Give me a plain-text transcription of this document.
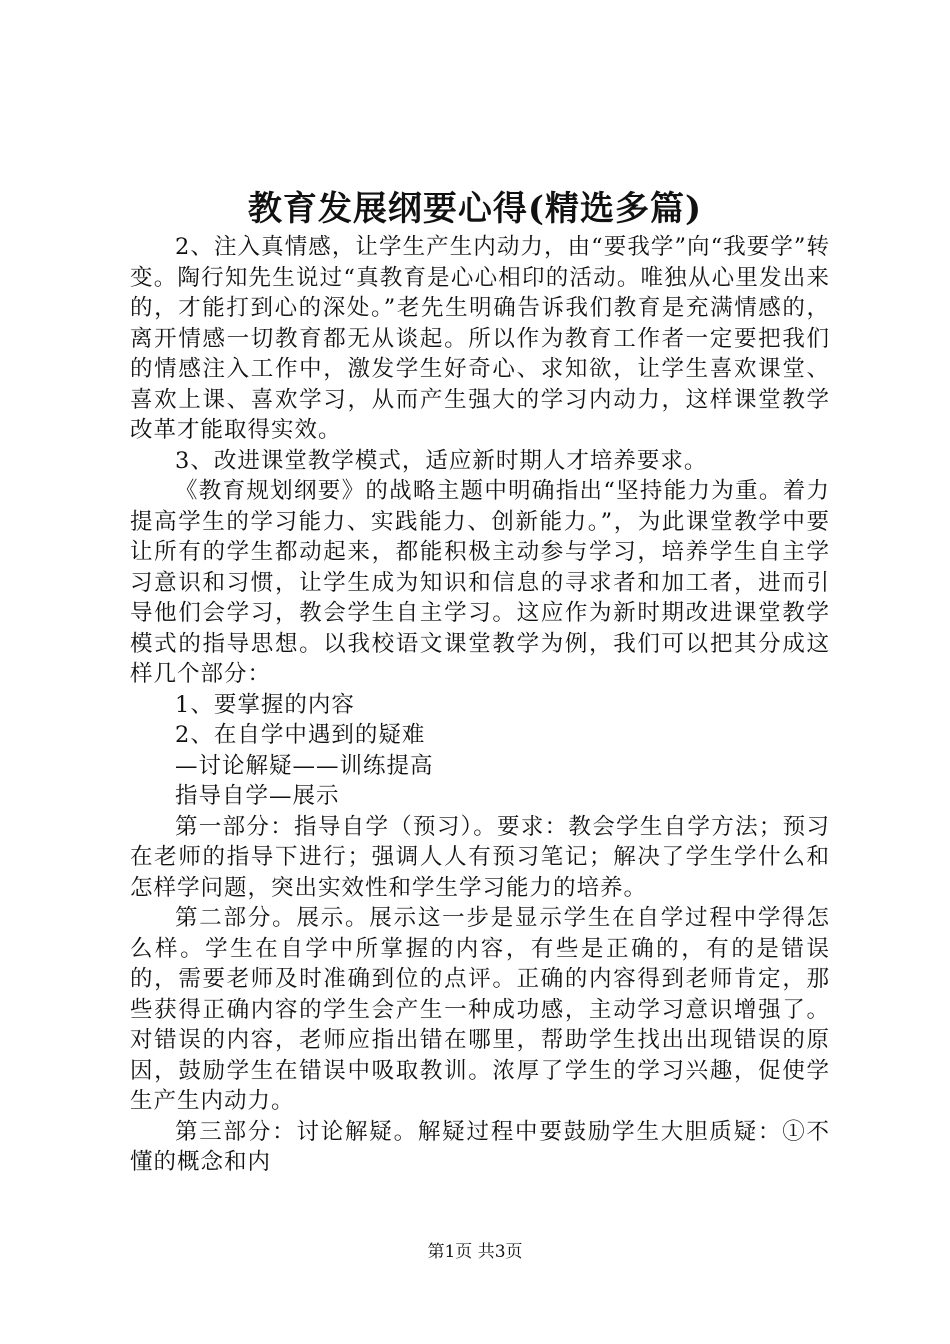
教育发展纲要心得(精选多篇)

2、注入真情感，让学生产生内动力，由“要我学”向“我要学”转变。陶行知先生说过“真教育是心心相印的活动。唯独从心里发出来的，才能打到心的深处。”老先生明确告诉我们教育是充满情感的，离开情感一切教育都无从谈起。所以作为教育工作者一定要把我们的情感注入工作中，激发学生好奇心、求知欲，让学生喜欢课堂、喜欢上课、喜欢学习，从而产生强大的学习内动力，这样课堂教学改革才能取得实效。

3、改进课堂教学模式，适应新时期人才培养要求。

《教育规划纲要》的战略主题中明确指出“坚持能力为重。着力提高学生的学习能力、实践能力、创新能力。”，为此课堂教学中要让所有的学生都动起来，都能积极主动参与学习，培养学生自主学习意识和习惯，让学生成为知识和信息的寻求者和加工者，进而引导他们会学习，教会学生自主学习。这应作为新时期改进课堂教学模式的指导思想。以我校语文课堂教学为例，我们可以把其分成这样几个部分：

1、要掌握的内容

2、在自学中遇到的疑难

—讨论解疑——训练提高

指导自学—展示

第一部分：指导自学（预习）。要求：教会学生自学方法；预习在老师的指导下进行；强调人人有预习笔记；解决了学生学什么和怎样学问题，突出实效性和学生学习能力的培养。

第二部分。展示。展示这一步是显示学生在自学过程中学得怎么样。学生在自学中所掌握的内容，有些是正确的，有的是错误的，需要老师及时准确到位的点评。正确的内容得到老师肯定，那些获得正确内容的学生会产生一种成功感，主动学习意识增强了。对错误的内容，老师应指出错在哪里，帮助学生找出出现错误的原因，鼓励学生在错误中吸取教训。浓厚了学生的学习兴趣，促使学生产生内动力。

第三部分：讨论解疑。解疑过程中要鼓励学生大胆质疑：①不懂的概念和内

第1页 共3页
